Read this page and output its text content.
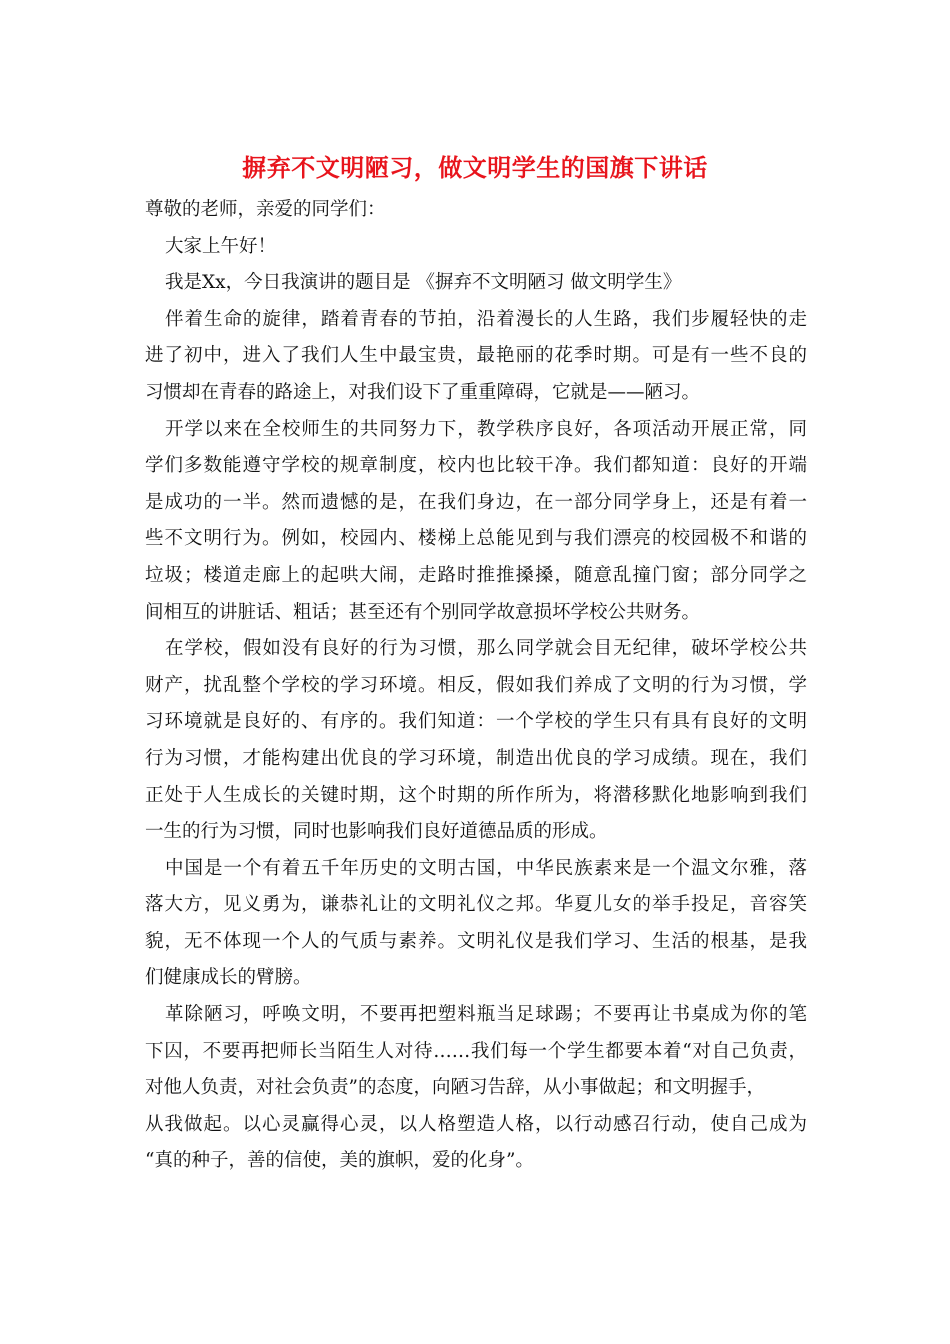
摒弃不文明陋习，做文明学生的国旗下讲话
尊敬的老师，亲爱的同学们：
大家上午好！
我是Xx，今日我演讲的题目是 《摒弃不文明陋习 做文明学生》
伴着生命的旋律，踏着青春的节拍，沿着漫长的人生路，我们步履轻快的走
进了初中，进入了我们人生中最宝贵，最艳丽的花季时期。可是有一些不良的
习惯却在青春的路途上，对我们设下了重重障碍，它就是——陋习。
开学以来在全校师生的共同努力下，教学秩序良好，各项活动开展正常，同
学们多数能遵守学校的规章制度，校内也比较干净。我们都知道：良好的开端
是成功的一半。然而遗憾的是，在我们身边，在一部分同学身上，还是有着一
些不文明行为。例如，校园内、楼梯上总能见到与我们漂亮的校园极不和谐的
垃圾；楼道走廊上的起哄大闹，走路时推推搡搡，随意乱撞门窗；部分同学之
间相互的讲脏话、粗话；甚至还有个别同学故意损坏学校公共财务。
在学校，假如没有良好的行为习惯，那么同学就会目无纪律，破坏学校公共
财产，扰乱整个学校的学习环境。相反，假如我们养成了文明的行为习惯，学
习环境就是良好的、有序的。我们知道：一个学校的学生只有具有良好的文明
行为习惯，才能构建出优良的学习环境，制造出优良的学习成绩。现在，我们
正处于人生成长的关键时期，这个时期的所作所为，将潜移默化地影响到我们
一生的行为习惯，同时也影响我们良好道德品质的形成。
中国是一个有着五千年历史的文明古国，中华民族素来是一个温文尔雅，落
落大方，见义勇为，谦恭礼让的文明礼仪之邦。华夏儿女的举手投足，音容笑
貌，无不体现一个人的气质与素养。文明礼仪是我们学习、生活的根基，是我
们健康成长的臂膀。
革除陋习，呼唤文明，不要再把塑料瓶当足球踢；不要再让书桌成为你的笔
下囚，不要再把师长当陌生人对待……我们每一个学生都要本着“对自己负责，
对他人负责，对社会负责”的态度，向陋习告辞，从小事做起；和文明握手，
从我做起。以心灵赢得心灵，以人格塑造人格，以行动感召行动，使自己成为
“真的种子，善的信使，美的旗帜，爱的化身”。
